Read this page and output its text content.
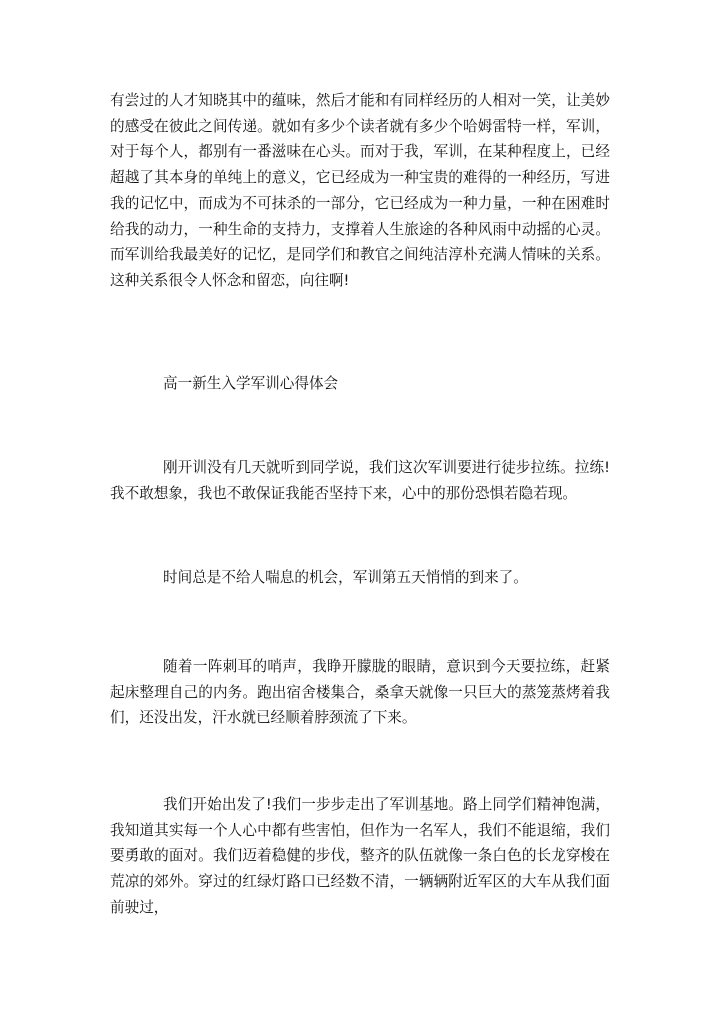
有尝过的人才知晓其中的蕴味，然后才能和有同样经历的人相对一笑，让美妙的感受在彼此之间传递。就如有多少个读者就有多少个哈姆雷特一样，军训，对于每个人，都别有一番滋味在心头。而对于我，军训，在某种程度上，已经超越了其本身的单纯上的意义，它已经成为一种宝贵的难得的一种经历，写进我的记忆中，而成为不可抹杀的一部分，它已经成为一种力量，一种在困难时给我的动力，一种生命的支持力，支撑着人生旅途的各种风雨中动摇的心灵。而军训给我最美好的记忆，是同学们和教官之间纯洁淳朴充满人情味的关系。这种关系很令人怀念和留恋，向往啊!

高一新生入学军训心得体会

刚开训没有几天就听到同学说，我们这次军训要进行徒步拉练。拉练!我不敢想象，我也不敢保证我能否坚持下来，心中的那份恐惧若隐若现。

时间总是不给人喘息的机会，军训第五天悄悄的到来了。

随着一阵刺耳的哨声，我睁开朦胧的眼睛，意识到今天要拉练，赶紧起床整理自己的内务。跑出宿舍楼集合，桑拿天就像一只巨大的蒸笼蒸烤着我们，还没出发，汗水就已经顺着脖颈流了下来。

我们开始出发了!我们一步步走出了军训基地。路上同学们精神饱满，我知道其实每一个人心中都有些害怕，但作为一名军人，我们不能退缩，我们要勇敢的面对。我们迈着稳健的步伐，整齐的队伍就像一条白色的长龙穿梭在荒凉的郊外。穿过的红绿灯路口已经数不清，一辆辆附近军区的大车从我们面前驶过，
